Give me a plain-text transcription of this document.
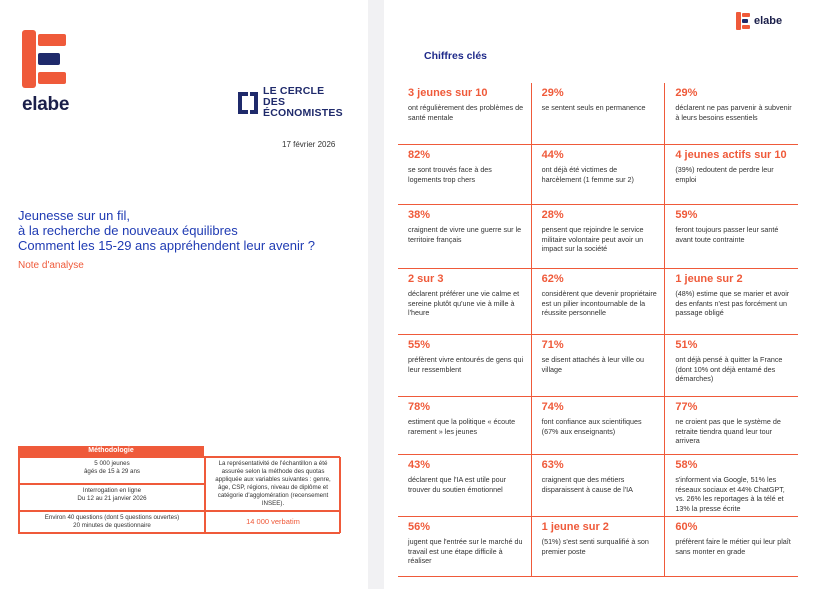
elabe
LE CERCLE
DES ÉCONOMISTES
17 février 2026
Jeunesse sur un fil,
à la recherche de nouveaux équilibres
Comment les 15-29 ans appréhendent leur avenir ?
Note d'analyse
Méthodologie
5 000 jeunes
âgés de 15 à 29 ans
La représentativité de l'échantillon a été assurée selon la méthode des quotas appliquée aux variables suivantes : genre, âge, CSP, régions, niveau de diplôme et catégorie d'agglomération (recensement INSEE).
Interrogation en ligne
Du 12 au 21 janvier 2026
Environ 40 questions (dont 5 questions ouvertes)
20 minutes de questionnaire	14 000 verbatim
elabe
Chiffres clés
3 jeunes sur 10
ont régulièrement des problèmes de santé mentale
29%
se sentent seuls en permanence
29%
déclarent ne pas parvenir à subvenir à leurs besoins essentiels
82%
se sont trouvés face à des logements trop chers
44%
ont déjà été victimes de harcèlement (1 femme sur 2)
4 jeunes actifs sur 10
(39%) redoutent de perdre leur emploi
38%
craignent de vivre une guerre sur le territoire français
28%
pensent que rejoindre le service militaire volontaire peut avoir un impact sur la société
59%
feront toujours passer leur santé avant toute contrainte
2 sur 3
déclarent préférer une vie calme et sereine plutôt qu'une vie à mille à l'heure
62%
considèrent que devenir propriétaire est un pilier incontournable de la réussite personnelle
1 jeune sur 2
(48%) estime que se marier et avoir des enfants n'est pas forcément un passage obligé
55%
préfèrent vivre entourés de gens qui leur ressemblent
71%
se disent attachés à leur ville ou village
51%
ont déjà pensé à quitter la France (dont 10% ont déjà entamé des démarches)
78%
estiment que la politique « écoute rarement » les jeunes
74%
font confiance aux scientifiques (67% aux enseignants)
77%
ne croient pas que le système de retraite tiendra quand leur tour arrivera
43%
déclarent que l'IA est utile pour trouver du soutien émotionnel
63%
craignent que des métiers disparaissent à cause de l'IA
58%
s'informent via Google, 51% les réseaux sociaux et 44% ChatGPT, vs. 26% les reportages à la télé et 13% la presse écrite
56%
jugent que l'entrée sur le marché du travail est une étape difficile à réaliser
1 jeune sur 2
(51%) s'est senti surqualifié à son premier poste
60%
préfèrent faire le métier qui leur plaît sans monter en grade
